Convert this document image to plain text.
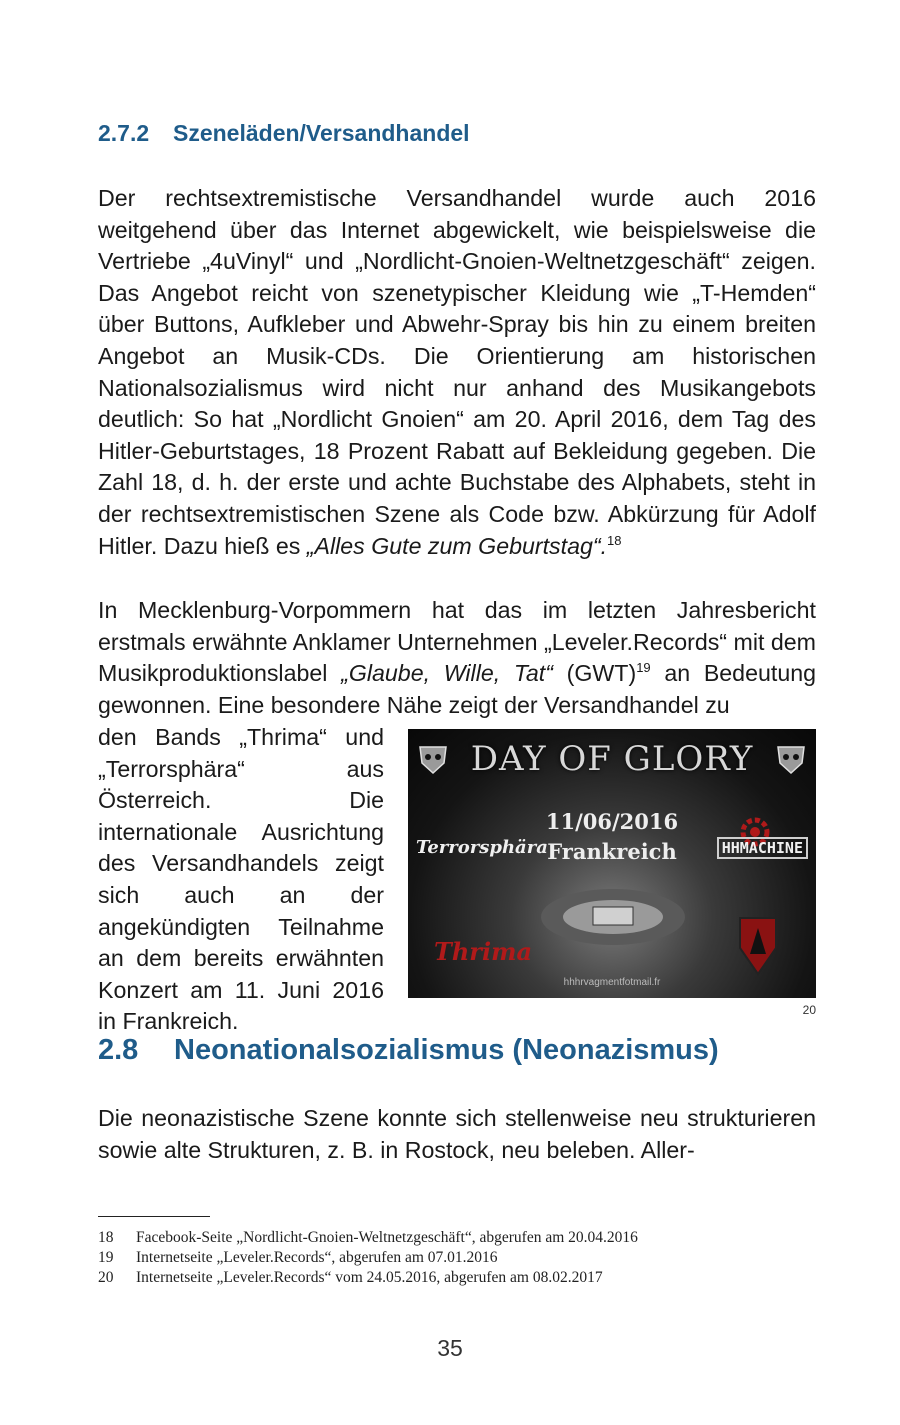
2.7.2 Szeneläden/Versandhandel
Der rechtsextremistische Versandhandel wurde auch 2016 weitgehend über das Internet abgewickelt, wie beispielsweise die Vertriebe „4uVinyl“ und „Nordlicht-Gnoien-Weltnetzgeschäft“ zeigen. Das Angebot reicht von szenetypischer Kleidung wie „T-Hemden“ über Buttons, Aufkleber und Abwehr-Spray bis hin zu einem breiten Angebot an Musik-CDs. Die Orientierung am historischen Nationalsozialismus wird nicht nur anhand des Musikangebots deutlich: So hat „Nordlicht Gnoien“ am 20. April 2016, dem Tag des Hitler-Geburtstages, 18 Prozent Rabatt auf Bekleidung gegeben. Die Zahl 18, d. h. der erste und achte Buchstabe des Alphabets, steht in der rechtsextremistischen Szene als Code bzw. Abkürzung für Adolf Hitler. Dazu hieß es „Alles Gute zum Geburtstag“.$^{18}$
In Mecklenburg-Vorpommern hat das im letzten Jahresbericht erstmals erwähnte Anklamer Unternehmen „Leveler.Records“ mit dem Musikproduktionslabel „Glaube, Wille, Tat“ (GWT)$^{19}$ an Bedeutung gewonnen. Eine besondere Nähe zeigt der Versandhandel zu
den Bands „Thrima“ und „Terrorsphära“ aus Österreich. Die internationale Ausrichtung des Versandhandels zeigt sich auch an der angekündigten Teilnahme an dem bereits erwähnten Konzert am 11. Juni 2016 in Frankreich.
DAY OF GLORY
11/06/2016
Frankreich
Terrorsphära	HHMACHINE
Thrima
hhhrvagmentfotmail.fr
20
2.8 Neonationalsozialismus (Neonazismus)
Die neonazistische Szene konnte sich stellenweise neu strukturieren sowie alte Strukturen, z. B. in Rostock, neu beleben. Aller-
18 Facebook-Seite „Nordlicht-Gnoien-Weltnetzgeschäft“, abgerufen am 20.04.2016
19 Internetseite „Leveler.Records“, abgerufen am 07.01.2016
20 Internetseite „Leveler.Records“ vom 24.05.2016, abgerufen am 08.02.2017
35
